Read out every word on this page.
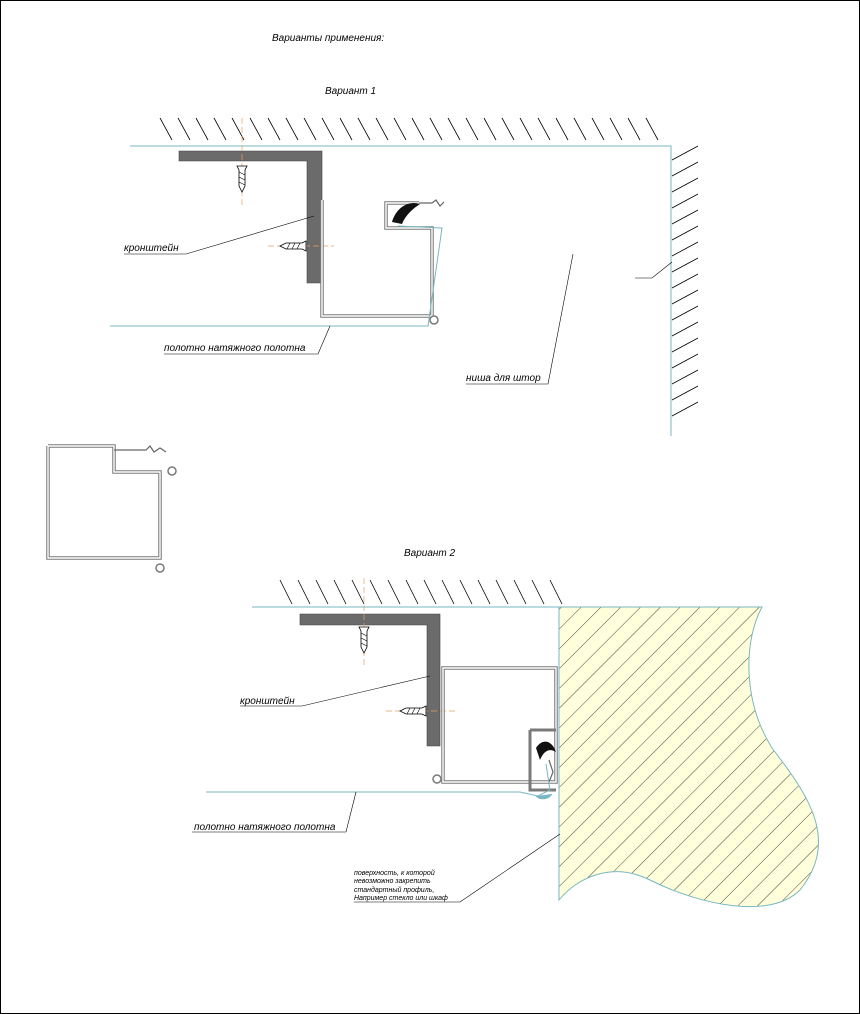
Варианты применения:
Вариант 1
Вариант 2
кронштейн
полотно натяжного полотна
ниша для штор
кронштейн
полотно натяжного полотна
поверхность, к которой
невозможно закрепить
стандартный профиль,
Например стекло или шкаф
